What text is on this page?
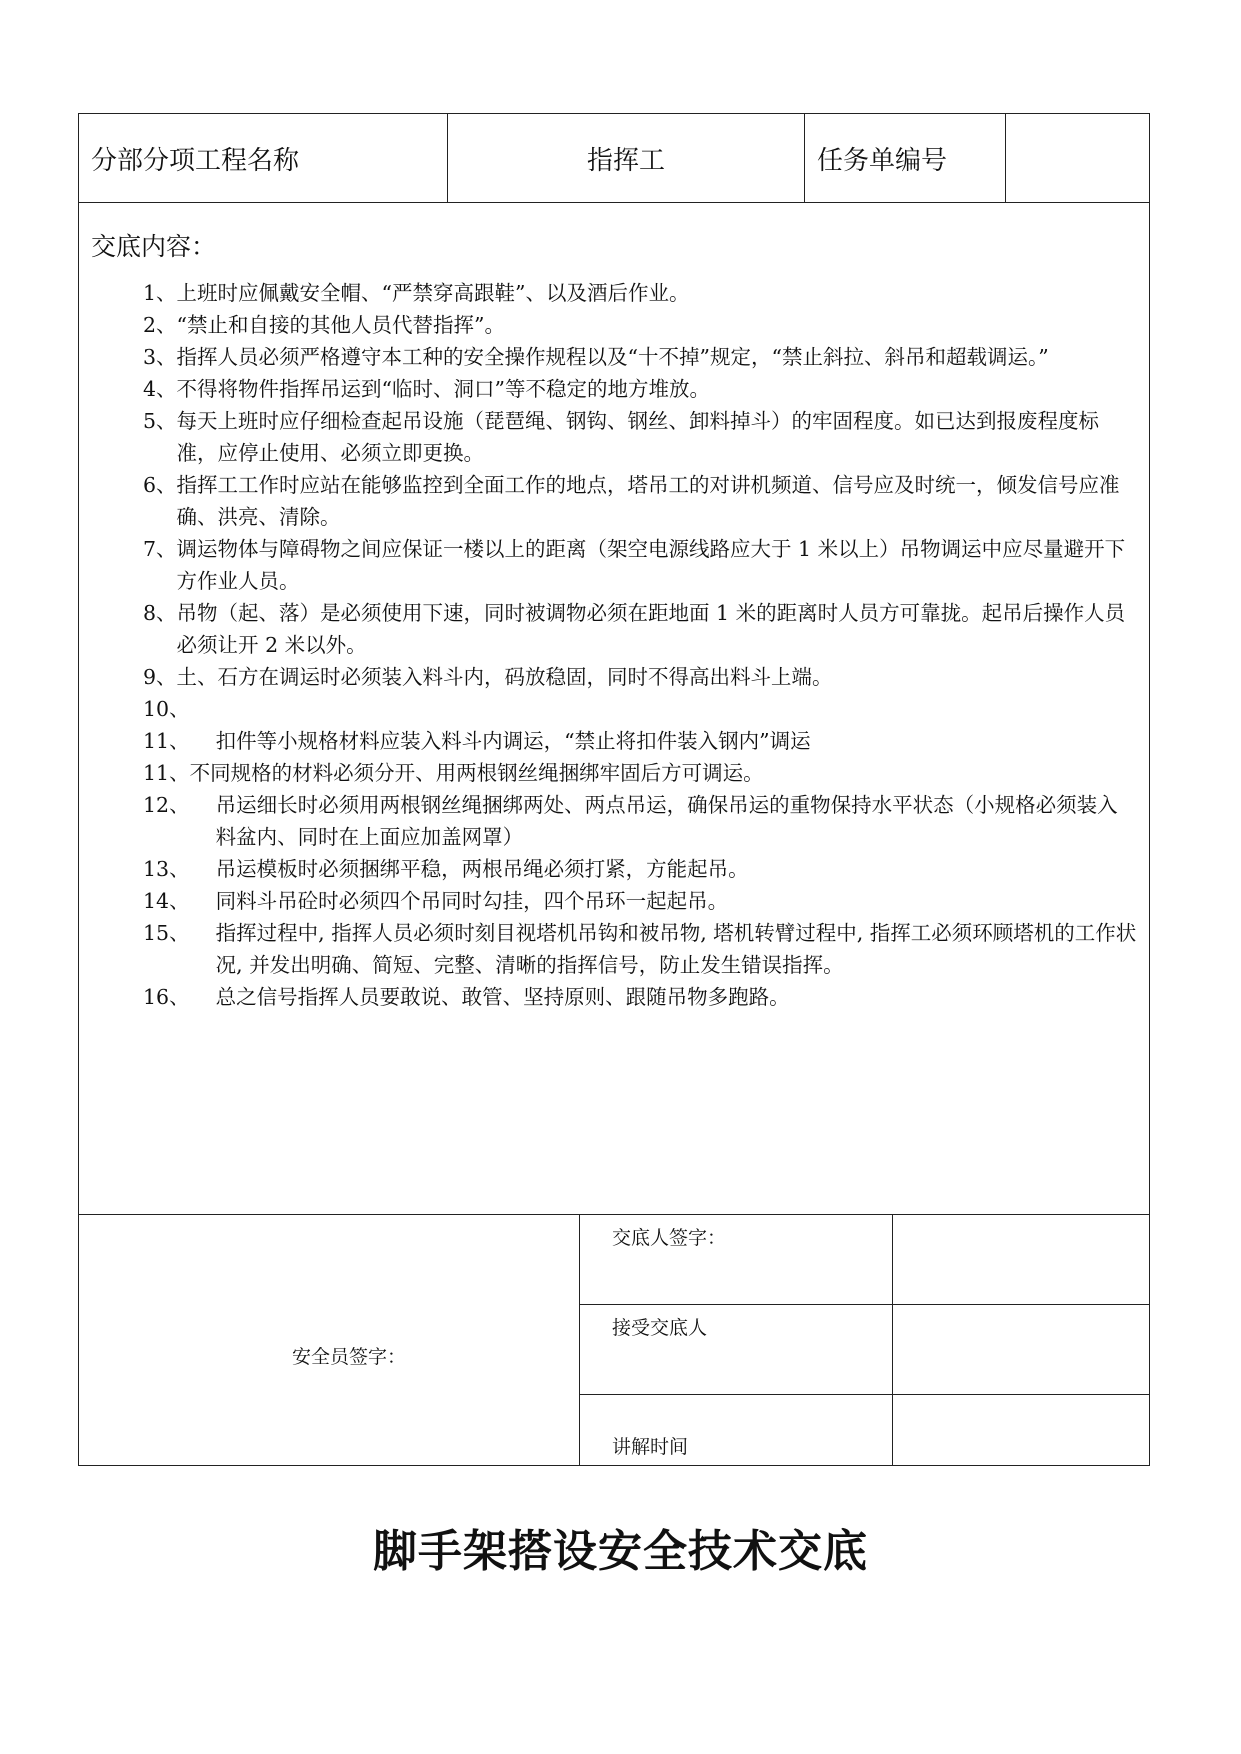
分部分项工程名称	指挥工	任务单编号	
交底内容：
1、 上班时应佩戴安全帽、“严禁穿高跟鞋”、以及酒后作业。
2、 “禁止和自接的其他人员代替指挥”。
3、 指挥人员必须严格遵守本工种的安全操作规程以及“十不掉”规定，“禁止斜拉、斜吊和超载调运。”
4、 不得将物件指挥吊运到“临时、洞口”等不稳定的地方堆放。
5、 每天上班时应仔细检查起吊设施（琵琶绳、钢钩、钢丝、卸料掉斗）的牢固程度。如已达到报废程度标准，应停止使用、必须立即更换。
6、 指挥工工作时应站在能够监控到全面工作的地点，塔吊工的对讲机频道、信号应及时统一，倾发信号应准确、洪亮、清除。
7、 调运物体与障碍物之间应保证一楼以上的距离（架空电源线路应大于 1 米以上）吊物调运中应尽量避开下方作业人员。
8、 吊物（起、落）是必须使用下速，同时被调物必须在距地面 1 米的距离时人员方可靠拢。起吊后操作人员必须让开 2 米以外。
9、 土、石方在调运时必须装入料斗内，码放稳固，同时不得高出料斗上端。
10、
11、 扣件等小规格材料应装入料斗内调运，“禁止将扣件装入钢内”调运
11、 不同规格的材料必须分开、用两根钢丝绳捆绑牢固后方可调运。
12、 吊运细长时必须用两根钢丝绳捆绑两处、两点吊运，确保吊运的重物保持水平状态（小规格必须装入料盆内、同时在上面应加盖网罩）
13、 吊运模板时必须捆绑平稳，两根吊绳必须打紧，方能起吊。
14、 同料斗吊砼时必须四个吊同时勾挂，四个吊环一起起吊。
15、 指挥过程中, 指挥人员必须时刻目视塔机吊钩和被吊物, 塔机转臂过程中, 指挥工必须环顾塔机的工作状况, 并发出明确、简短、完整、清晰的指挥信号，防止发生错误指挥。
16、 总之信号指挥人员要敢说、敢管、坚持原则、跟随吊物多跑路。
安全员签字：	交底人签字：	
	接受交底人	
	讲解时间	
脚手架搭设安全技术交底
